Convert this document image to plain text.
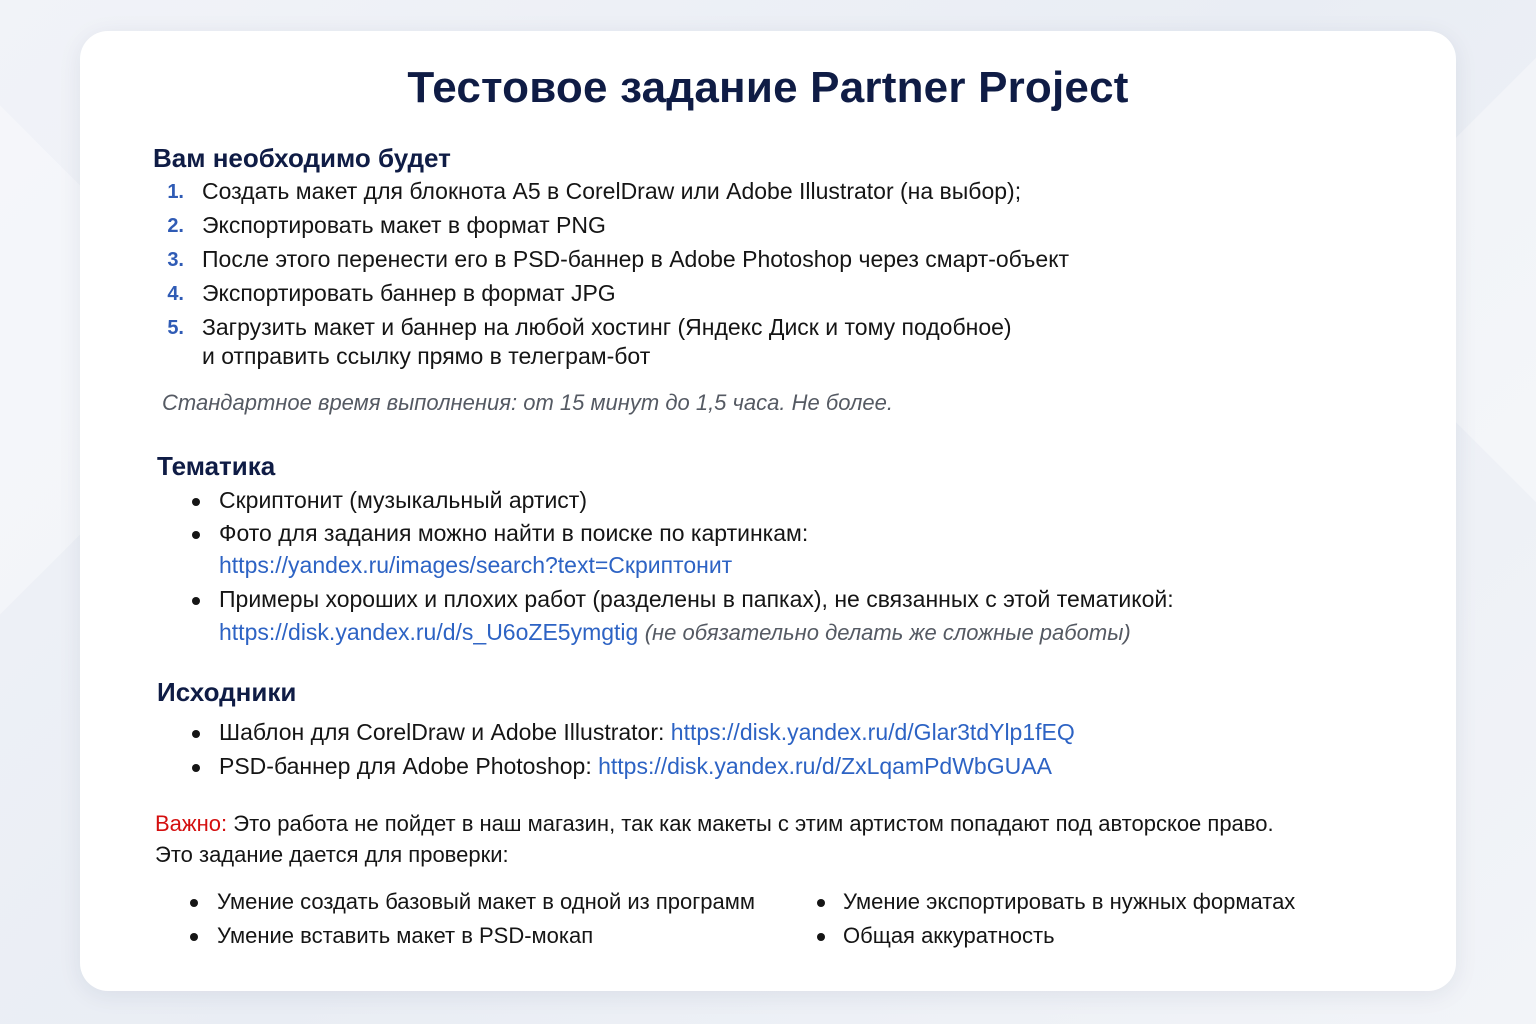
Тестовое задание Partner Project
Вам необходимо будет
1. Создать макет для блокнота А5 в CorelDraw или Adobe Illustrator (на выбор);
2. Экспортировать макет в формат PNG
3. После этого перенести его в PSD-баннер в Adobe Photoshop через смарт-объект
4. Экспортировать баннер в формат JPG
5. Загрузить макет и баннер на любой хостинг (Яндекс Диск и тому подобное)
и отправить ссылку прямо в телеграм-бот
Стандартное время выполнения: от 15 минут до 1,5 часа. Не более.
Тематика
Скриптонит (музыкальный артист)
Фото для задания можно найти в поиске по картинкам:
https://yandex.ru/images/search?text=Скриптонит
Примеры хороших и плохих работ (разделены в папках), не связанных с этой тематикой:
https://disk.yandex.ru/d/s_U6oZE5ymgtig (не обязательно делать же сложные работы)
Исходники
Шаблон для CorelDraw и Adobe Illustrator: https://disk.yandex.ru/d/Glar3tdYlp1fEQ
PSD-баннер для Adobe Photoshop: https://disk.yandex.ru/d/ZxLqamPdWbGUAA
Важно: Это работа не пойдет в наш магазин, так как макеты с этим артистом попадают под авторское право.
Это задание дается для проверки:
Умение создать базовый макет в одной из программ
Умение вставить макет в PSD-мокап
Умение экспортировать в нужных форматах
Общая аккуратность
